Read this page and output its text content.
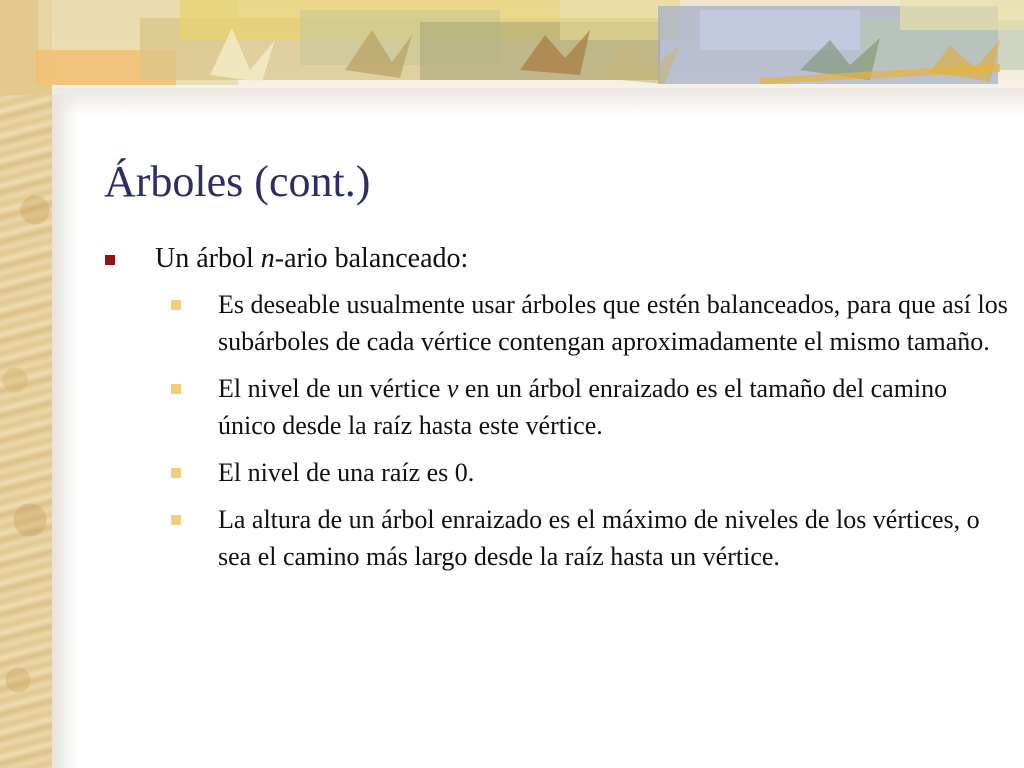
Árboles (cont.)
Un árbol n-ario balanceado:
Es deseable usualmente usar árboles que estén balanceados, para que así los subárboles de cada vértice contengan aproximadamente el mismo tamaño.
El nivel de un vértice v en un árbol enraizado es el tamaño del camino único desde la raíz hasta este vértice.
El nivel de una raíz es 0.
La altura de un árbol enraizado es el máximo de niveles de los vértices, o sea el camino más largo desde la raíz hasta un vértice.
